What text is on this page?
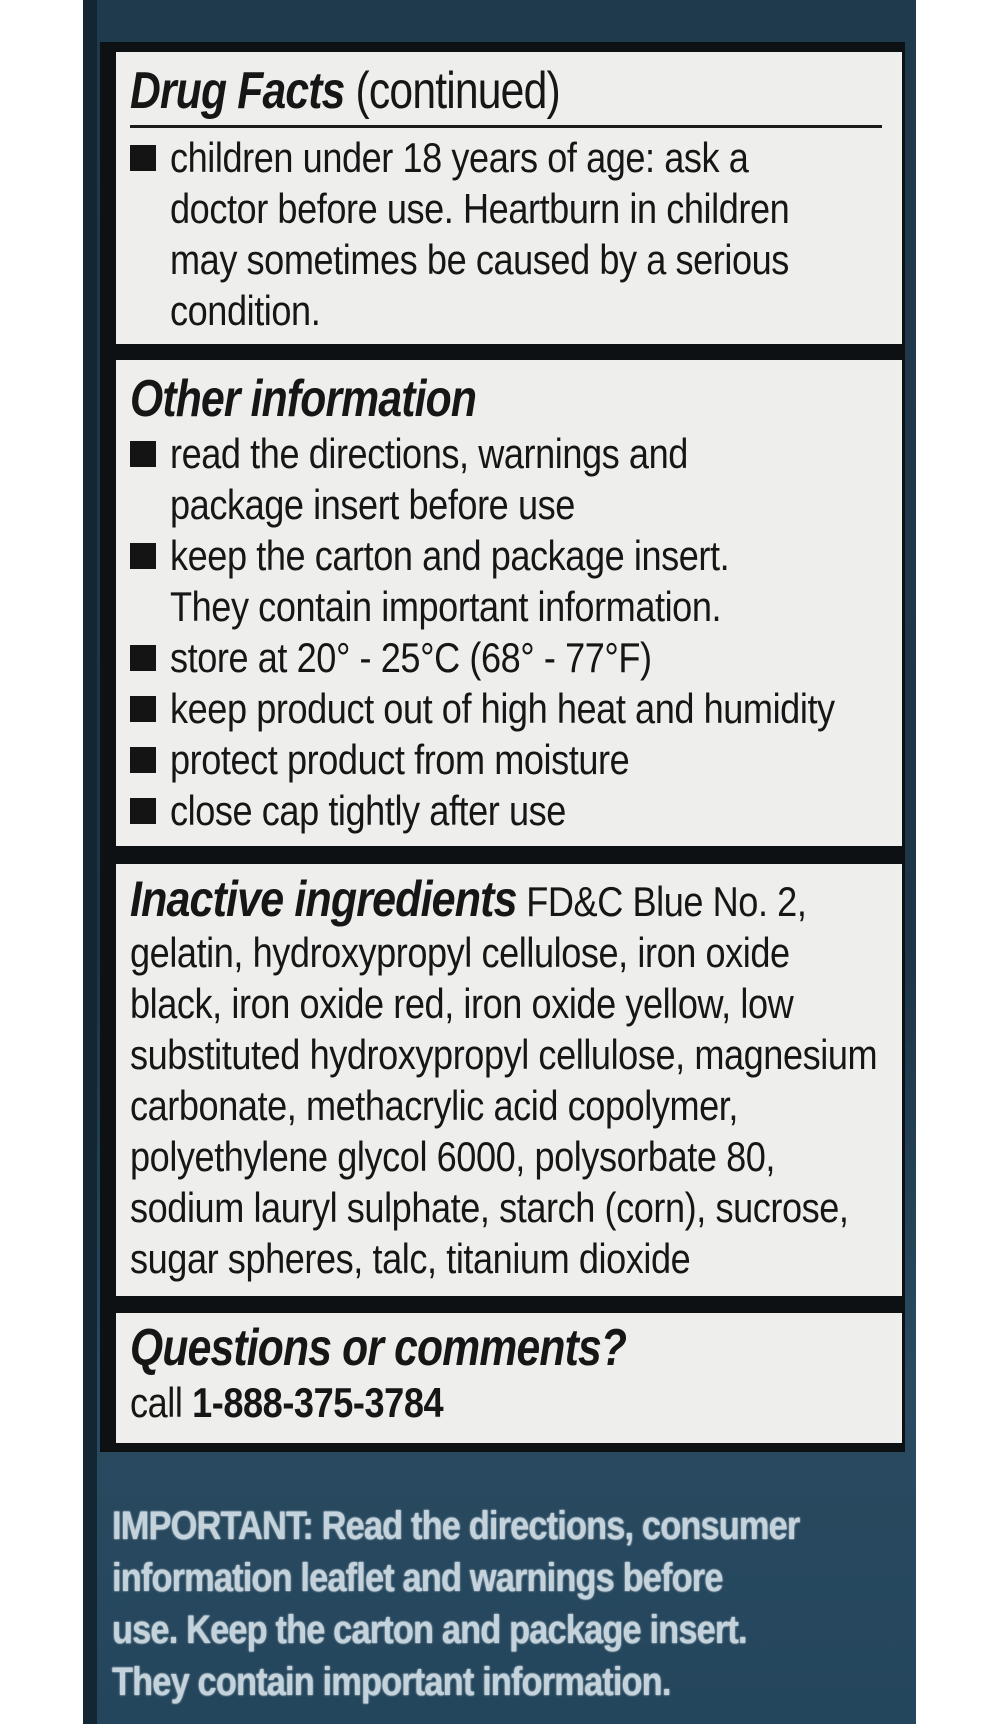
Drug Facts (continued)
children under 18 years of age: ask a
doctor before use. Heartburn in children
may sometimes be caused by a serious
condition.
Other information
read the directions, warnings and
package insert before use
keep the carton and package insert.
They contain important information.
store at 20° - 25°C (68° - 77°F)
keep product out of high heat and humidity
protect product from moisture
close cap tightly after use
Inactive ingredients FD&C Blue No. 2,
gelatin, hydroxypropyl cellulose, iron oxide
black, iron oxide red, iron oxide yellow, low
substituted hydroxypropyl cellulose, magnesium
carbonate, methacrylic acid copolymer,
polyethylene glycol 6000, polysorbate 80,
sodium lauryl sulphate, starch (corn), sucrose,
sugar spheres, talc, titanium dioxide
Questions or comments?
call 1-888-375-3784
IMPORTANT: Read the directions, consumer
information leaflet and warnings before
use. Keep the carton and package insert.
They contain important information.
